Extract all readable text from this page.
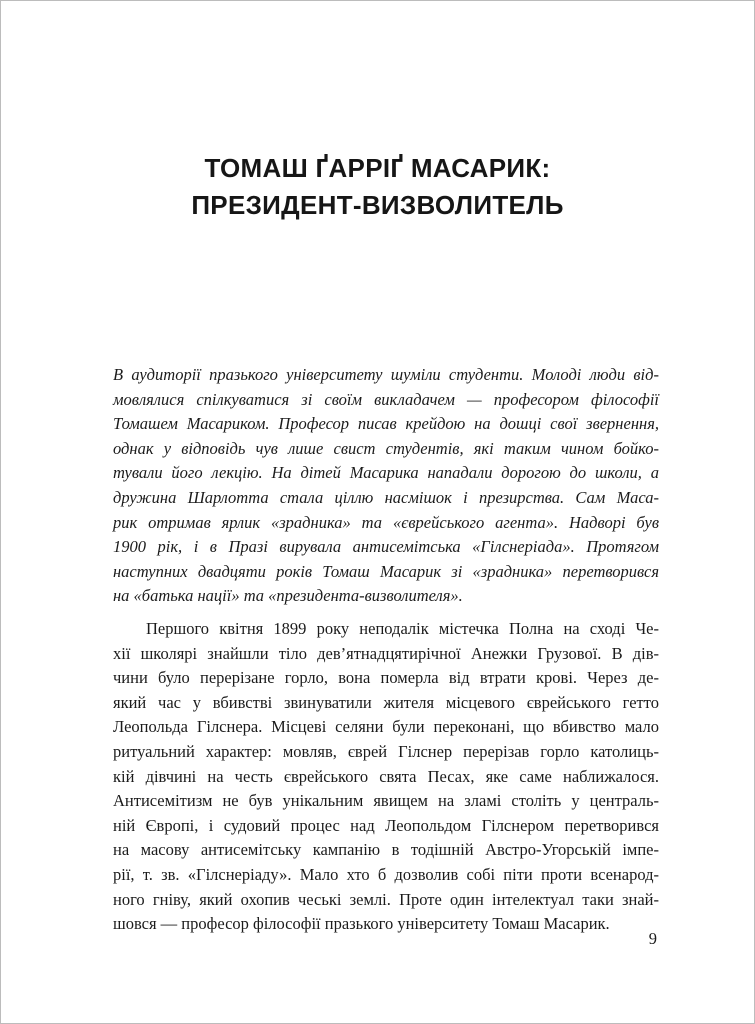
ТОМАШ ҐАРРІҐ МАСАРИК:
ПРЕЗИДЕНТ-ВИЗВОЛИТЕЛЬ
В аудиторії празького університету шуміли студенти. Молоді люди від-
мовлялися спілкуватися зі своїм викладачем — професором філософії
Томашем Масариком. Професор писав крейдою на дошці свої звернення,
однак у відповідь чув лише свист студентів, які таким чином бойко-
тували його лекцію. На дітей Масарика нападали дорогою до школи, а
дружина Шарлотта стала ціллю насмішок і презирства. Сам Маса-
рик отримав ярлик «зрадника» та «єврейського агента». Надворі був
1900 рік, і в Празі вирувала антисемітська «Гілснеріада». Протягом
наступних двадцяти років Томаш Масарик зі «зрадника» перетворився
на «батька нації» та «президента-визволителя».
Першого квітня 1899 року неподалік містечка Полна на сході Че-
хії школярі знайшли тіло дев’ятнадцятирічної Анежки Грузової. В дів-
чини було перерізане горло, вона померла від втрати крові. Через де-
який час у вбивстві звинуватили жителя місцевого єврейського гетто
Леопольда Гілснера. Місцеві селяни були переконані, що вбивство мало
ритуальний характер: мовляв, єврей Гілснер перерізав горло католиць-
кій дівчині на честь єврейського свята Песах, яке саме наближалося.
Антисемітизм не був унікальним явищем на зламі століть у централь-
ній Європі, і судовий процес над Леопольдом Гілснером перетворився
на масову антисемітську кампанію в тодішній Австро-Угорській імпе-
рії, т. зв. «Гілснеріаду». Мало хто б дозволив собі піти проти всенарод-
ного гніву, який охопив чеські землі. Проте один інтелектуал таки знай-
шовся — професор філософії празького університету Томаш Масарик.
9
